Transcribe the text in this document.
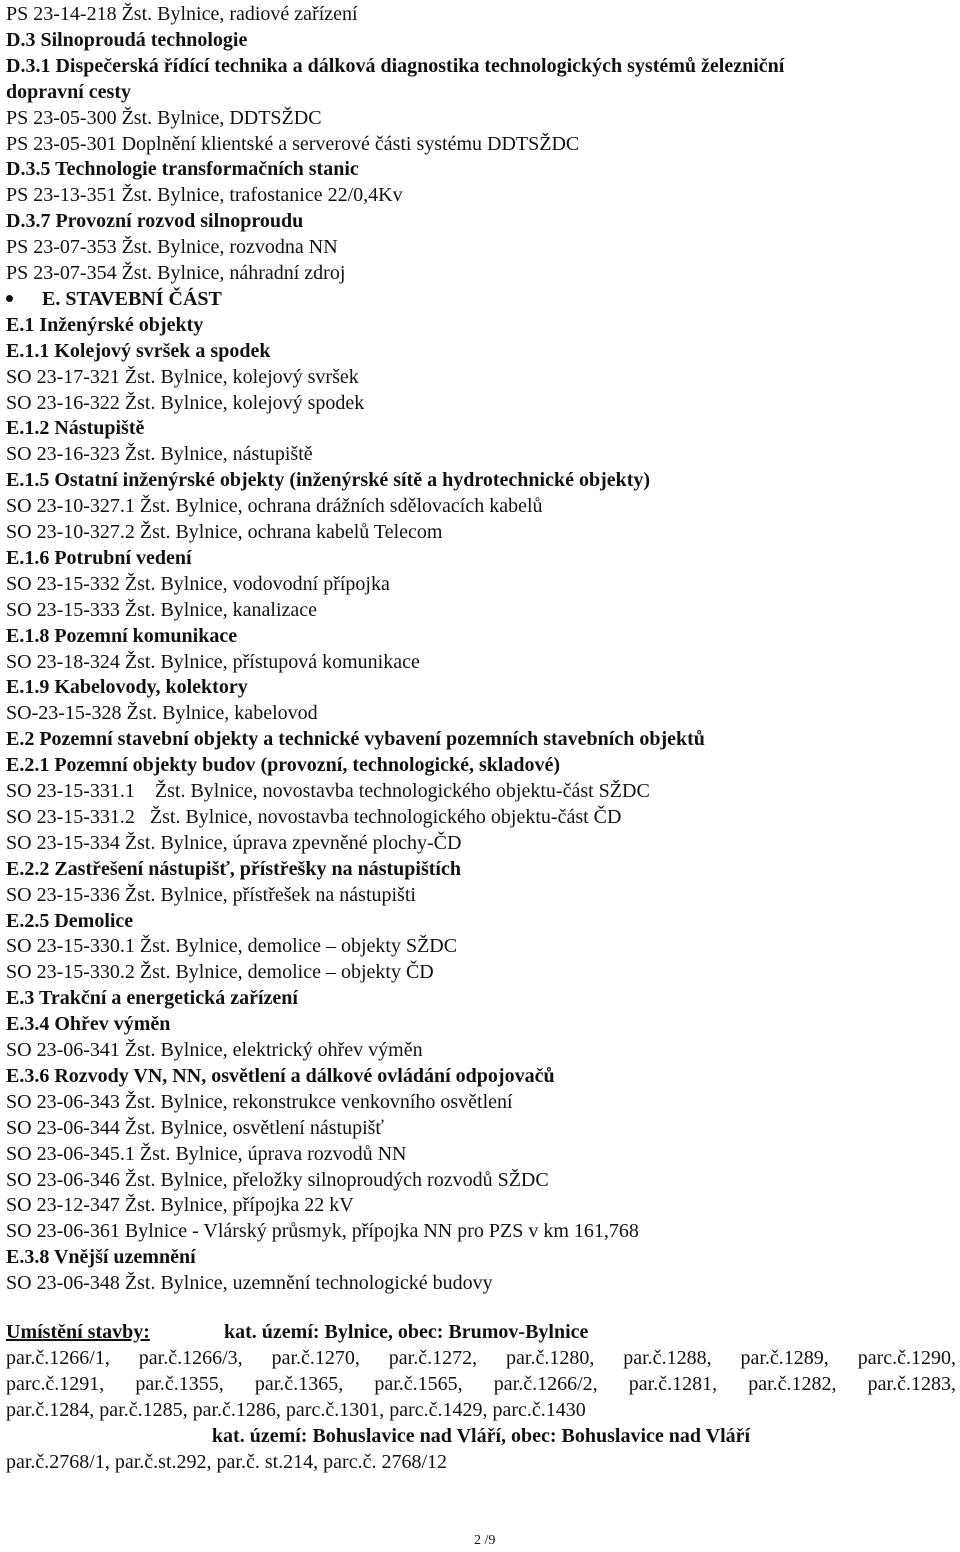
PS 23-14-218 Žst. Bylnice, radiové zařízení
D.3 Silnoproudá technologie
D.3.1 Dispečerská řídící technika a dálková diagnostika technologických systémů železniční
dopravní cesty
PS 23-05-300 Žst. Bylnice, DDTSŽDC
PS 23-05-301 Doplnění klientské a serverové části systému DDTSŽDC
D.3.5 Technologie transformačních stanic
PS 23-13-351 Žst. Bylnice, trafostanice 22/0,4Kv
D.3.7 Provozní rozvod silnoproudu
PS 23-07-353 Žst. Bylnice, rozvodna NN
PS 23-07-354 Žst. Bylnice, náhradní zdroj
E. STAVEBNÍ ČÁST
E.1 Inženýrské objekty
E.1.1 Kolejový svršek a spodek
SO 23-17-321 Žst. Bylnice, kolejový svršek
SO 23-16-322 Žst. Bylnice, kolejový spodek
E.1.2 Nástupiště
SO 23-16-323 Žst. Bylnice, nástupiště
E.1.5 Ostatní inženýrské objekty (inženýrské sítě a hydrotechnické objekty)
SO 23-10-327.1 Žst. Bylnice, ochrana drážních sdělovacích kabelů
SO 23-10-327.2 Žst. Bylnice, ochrana kabelů Telecom
E.1.6 Potrubní vedení
SO 23-15-332 Žst. Bylnice, vodovodní přípojka
SO 23-15-333 Žst. Bylnice, kanalizace
E.1.8 Pozemní komunikace
SO 23-18-324 Žst. Bylnice, přístupová komunikace
E.1.9 Kabelovody, kolektory
SO-23-15-328 Žst. Bylnice, kabelovod
E.2 Pozemní stavební objekty a technické vybavení pozemních stavebních objektů
E.2.1 Pozemní objekty budov (provozní, technologické, skladové)
SO 23-15-331.1    Žst. Bylnice, novostavba technologického objektu-část SŽDC
SO 23-15-331.2   Žst. Bylnice, novostavba technologického objektu-část ČD
SO 23-15-334 Žst. Bylnice, úprava zpevněné plochy-ČD
E.2.2 Zastřešení nástupišť, přístřešky na nástupištích
SO 23-15-336 Žst. Bylnice, přístřešek na nástupišti
E.2.5 Demolice
SO 23-15-330.1 Žst. Bylnice, demolice – objekty SŽDC
SO 23-15-330.2 Žst. Bylnice, demolice – objekty ČD
E.3 Trakční a energetická zařízení
E.3.4 Ohřev výměn
SO 23-06-341 Žst. Bylnice, elektrický ohřev výměn
E.3.6 Rozvody VN, NN, osvětlení a dálkové ovládání odpojovačů
SO 23-06-343 Žst. Bylnice, rekonstrukce venkovního osvětlení
SO 23-06-344 Žst. Bylnice, osvětlení nástupišť
SO 23-06-345.1 Žst. Bylnice, úprava rozvodů NN
SO 23-06-346 Žst. Bylnice, přeložky silnoproudých rozvodů SŽDC
SO 23-12-347 Žst. Bylnice, přípojka 22 kV
SO 23-06-361 Bylnice - Vlárský průsmyk, přípojka NN pro PZS v km 161,768
E.3.8 Vnější uzemnění
SO 23-06-348 Žst. Bylnice, uzemnění technologické budovy
Umístění stavby:	kat. území: Bylnice, obec: Brumov-Bylnice
par.č.1266/1, par.č.1266/3, par.č.1270, par.č.1272, par.č.1280, par.č.1288, par.č.1289, parc.č.1290,
parc.č.1291, par.č.1355, par.č.1365, par.č.1565, par.č.1266/2, par.č.1281, par.č.1282, par.č.1283,
par.č.1284, par.č.1285, par.č.1286, parc.č.1301, parc.č.1429, parc.č.1430
kat. území: Bohuslavice nad Vláří, obec: Bohuslavice nad Vláří
par.č.2768/1, par.č.st.292, par.č. st.214, parc.č. 2768/12
2 /9
